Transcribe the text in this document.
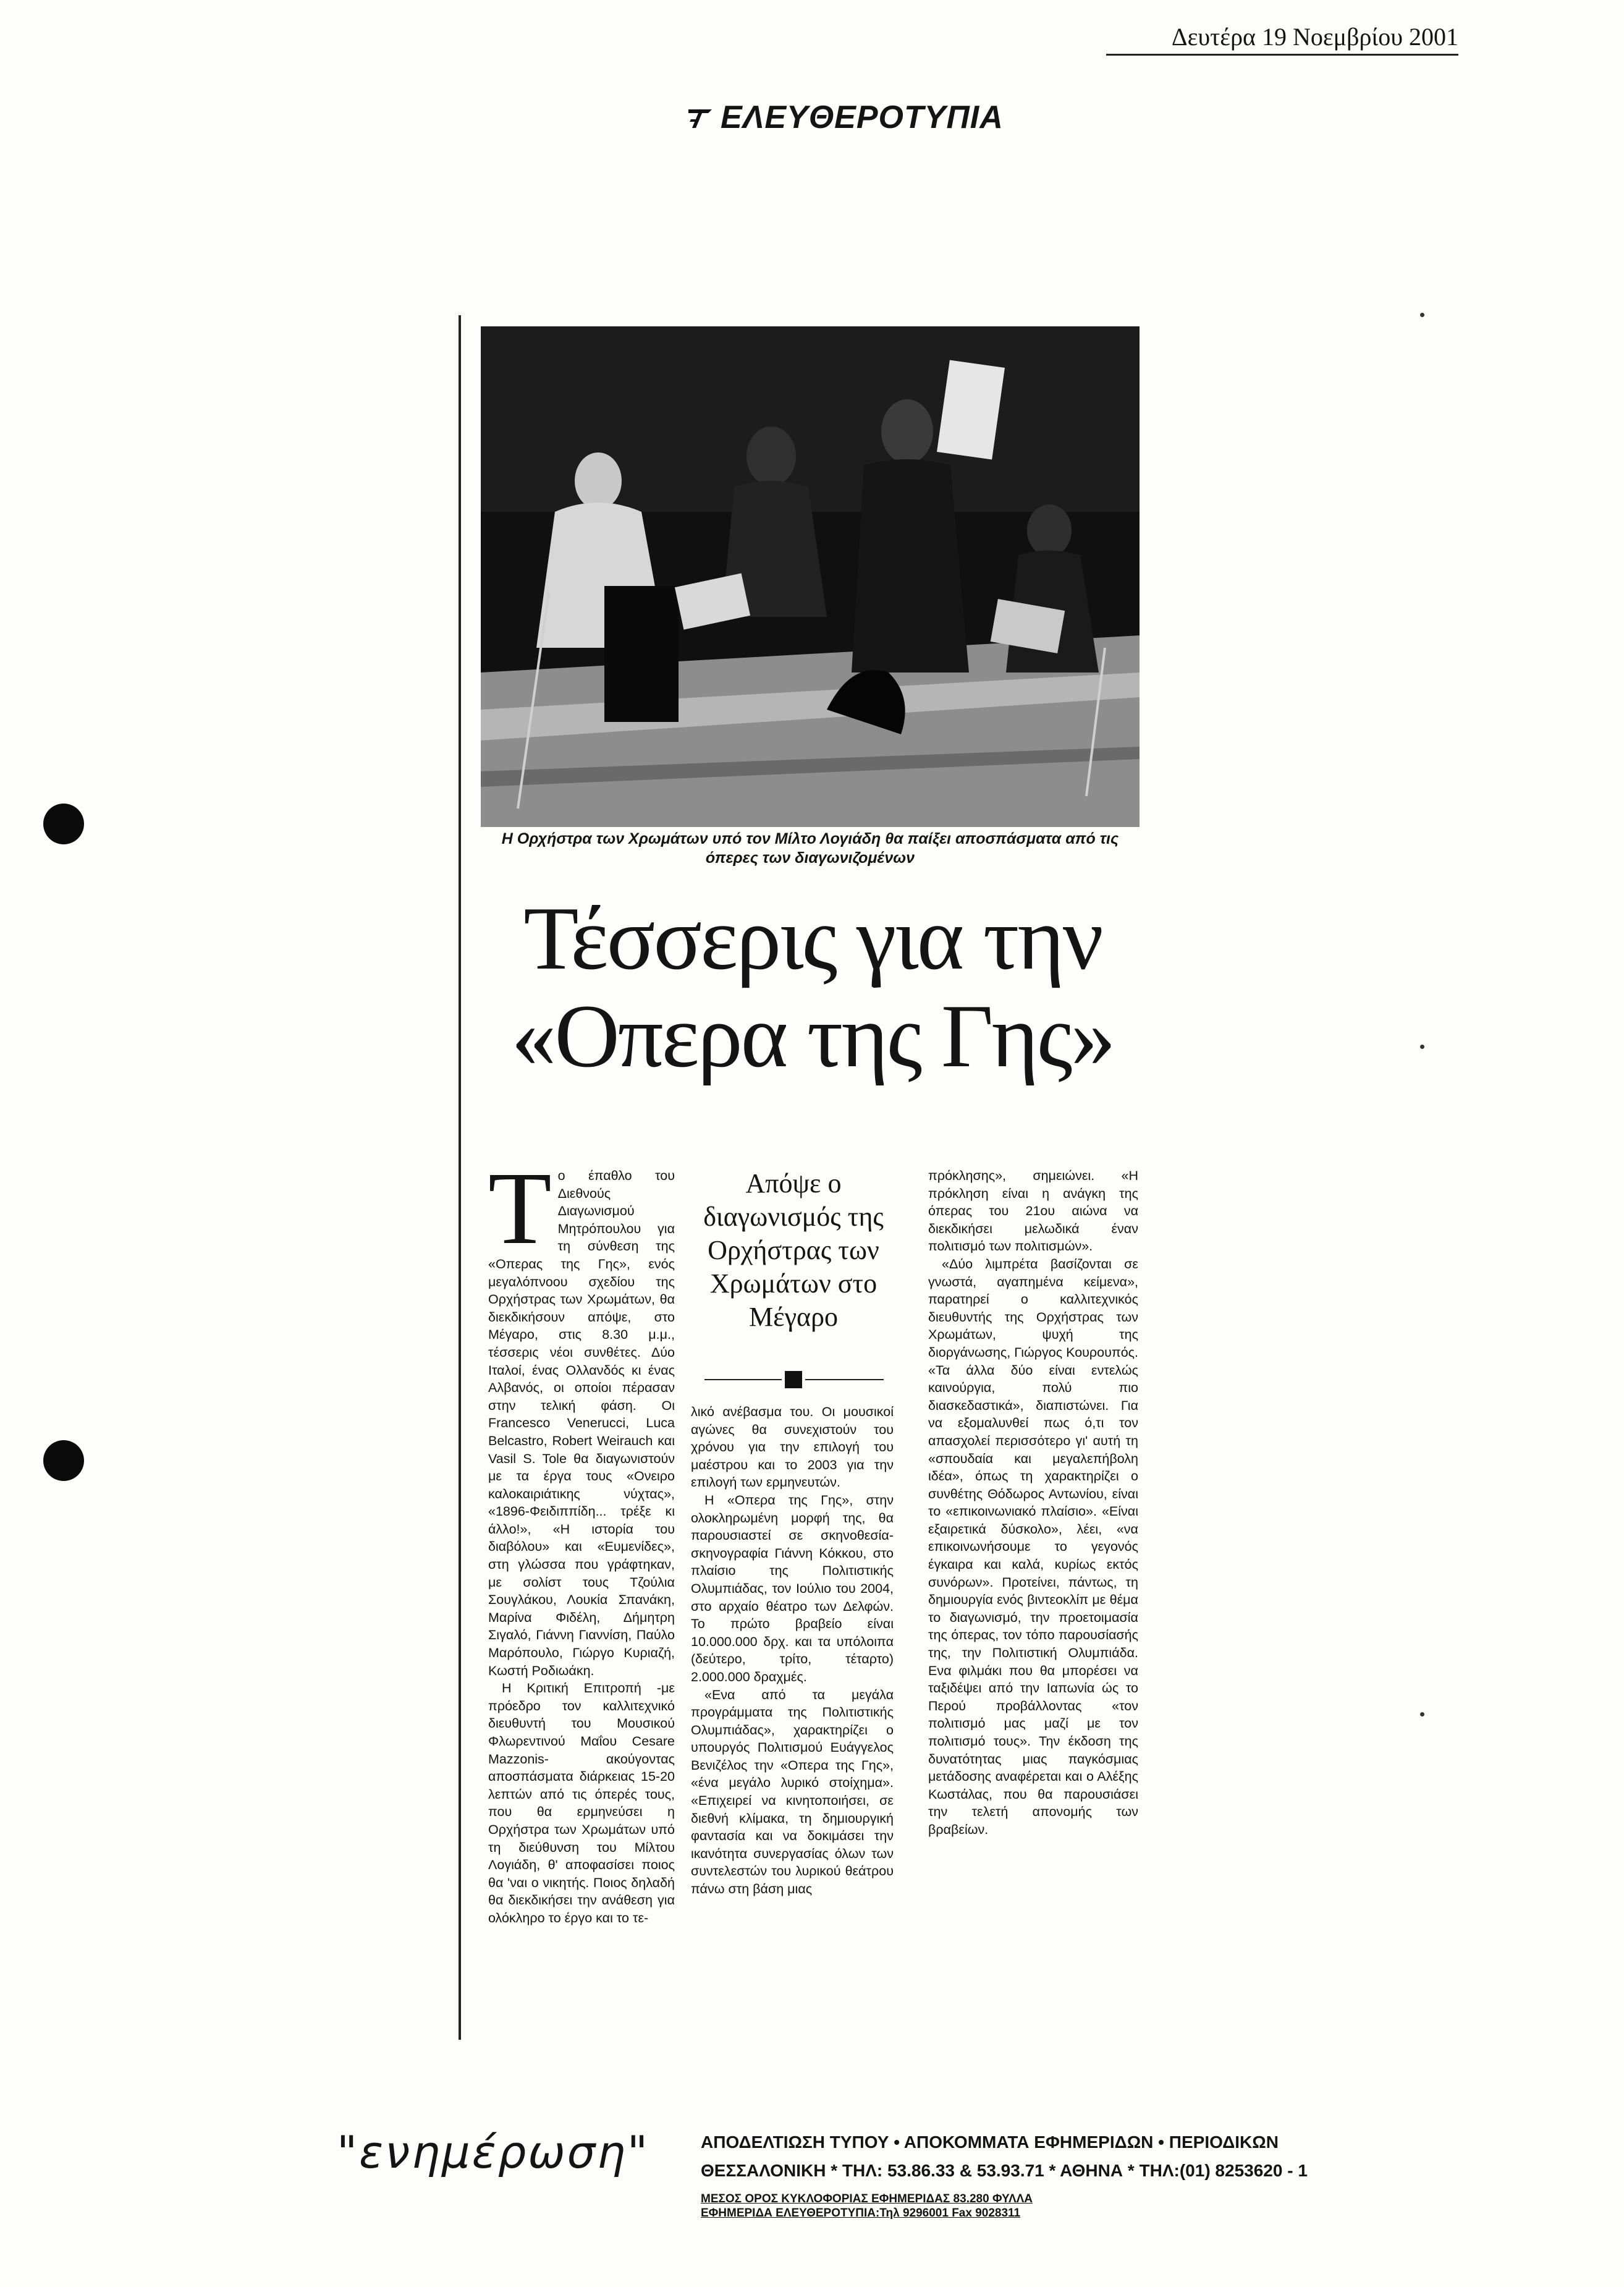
Δευτέρα 19 Νοεμβρίου 2001
ΕΛΕΥΘΕΡΟΤΥΠΙΑ
Η Ορχήστρα των Χρωμάτων υπό τον Μίλτο Λογιάδη θα παίξει αποσπάσματα από τις όπερες των διαγωνιζομένων
Τέσσερις για την
«Οπερα της Γης»
Τ ο έπαθλο του Διεθνούς Διαγωνισμού Μητρόπουλου για τη σύνθεση της «Οπερας της Γης», ενός μεγαλόπνοου σχεδίου της Ορχήστρας των Χρωμάτων, θα διεκδικήσουν απόψε, στο Μέγαρο, στις 8.30 μ.μ., τέσσερις νέοι συνθέτες. Δύο Ιταλοί, ένας Ολλανδός κι ένας Αλβανός, οι οποίοι πέρασαν στην τελική φάση. Οι Francesco Venerucci, Luca Belcastro, Robert Weirauch και Vasil S. Tole θα διαγωνιστούν με τα έργα τους «Ονειρο καλοκαιριάτικης νύχτας», «1896-Φειδιππίδη... τρέξε κι άλλο!», «Η ιστορία του διαβόλου» και «Ευμενίδες», στη γλώσσα που γράφτηκαν, με σολίστ τους Τζούλια Σουγλάκου, Λουκία Σπανάκη, Μαρίνα Φιδέλη, Δήμητρη Σιγαλό, Γιάννη Γιαννίση, Παύλο Μαρόπουλο, Γιώργο Κυριαζή, Κωστή Ροδιωάκη.

Η Κριτική Επιτροπή -με πρόεδρο τον καλλιτεχνικό διευθυντή του Μουσικού Φλωρεντινού Μαΐου Cesare Mazzonis- ακούγοντας αποσπάσματα διάρκειας 15-20 λεπτών από τις όπερές τους, που θα ερμηνεύσει η Ορχήστρα των Χρωμάτων υπό τη διεύθυνση του Μίλτου Λογιάδη, θ' αποφασίσει ποιος θα 'ναι ο νικητής. Ποιος δηλαδή θα διεκδικήσει την ανάθεση για ολόκληρο το έργο και το τε-

Απόψε ο διαγωνισμός της Ορχήστρας των Χρωμάτων στο Μέγαρο

λικό ανέβασμα του. Οι μουσικοί αγώνες θα συνεχιστούν του χρόνου για την επιλογή του μαέστρου και το 2003 για την επιλογή των ερμηνευτών.

Η «Οπερα της Γης», στην ολοκληρωμένη μορφή της, θα παρουσιαστεί σε σκηνοθεσία-σκηνογραφία Γιάννη Κόκκου, στο πλαίσιο της Πολιτιστικής Ολυμπιάδας, τον Ιούλιο του 2004, στο αρχαίο θέατρο των Δελφών. Το πρώτο βραβείο είναι 10.000.000 δρχ. και τα υπόλοιπα (δεύτερο, τρίτο, τέταρτο) 2.000.000 δραχμές.

«Ενα από τα μεγάλα προγράμματα της Πολιτιστικής Ολυμπιάδας», χαρακτηρίζει ο υπουργός Πολιτισμού Ευάγγελος Βενιζέλος την «Οπερα της Γης», «ένα μεγάλο λυρικό στοίχημα». «Επιχειρεί να κινητοποιήσει, σε διεθνή κλίμακα, τη δημιουργική φαντασία και να δοκιμάσει την ικανότητα συνεργασίας όλων των συντελεστών του λυρικού θεάτρου πάνω στη βάση μιας

πρόκλησης», σημειώνει. «Η πρόκληση είναι η ανάγκη της όπερας του 21ου αιώνα να διεκδικήσει μελωδικά έναν πολιτισμό των πολιτισμών».

«Δύο λιμπρέτα βασίζονται σε γνωστά, αγαπημένα κείμενα», παρατηρεί ο καλλιτεχνικός διευθυντής της Ορχήστρας των Χρωμάτων, ψυχή της διοργάνωσης, Γιώργος Κουρουπός. «Τα άλλα δύο είναι εντελώς καινούργια, πολύ πιο διασκεδαστικά», διαπιστώνει. Για να εξομαλυνθεί πως ό,τι τον απασχολεί περισσότερο γι' αυτή τη «σπουδαία και μεγαλεπήβολη ιδέα», όπως τη χαρακτηρίζει ο συνθέτης Θόδωρος Αντωνίου, είναι το «επικοινωνιακό πλαίσιο». «Είναι εξαιρετικά δύσκολο», λέει, «να επικοινωνήσουμε το γεγονός έγκαιρα και καλά, κυρίως εκτός συνόρων». Προτείνει, πάντως, τη δημιουργία ενός βιντεοκλίπ με θέμα το διαγωνισμό, την προετοιμασία της όπερας, τον τόπο παρουσίασής της, την Πολιτιστική Ολυμπιάδα. Ενα φιλμάκι που θα μπορέσει να ταξιδέψει από την Ιαπωνία ώς το Περού προβάλλοντας «τον πολιτισμό μας μαζί με τον πολιτισμό τους». Την έκδοση της δυνατότητας μιας παγκόσμιας μετάδοσης αναφέρεται και ο Αλέξης Κωστάλας, που θα παρουσιάσει την τελετή απονομής των βραβείων.

"ενημέρωση"	ΑΠΟΔΕΛΤΙΩΣΗ ΤΥΠΟΥ • ΑΠΟΚΟΜΜΑΤΑ ΕΦΗΜΕΡΙΔΩΝ • ΠΕΡΙΟΔΙΚΩΝ
ΘΕΣΣΑΛΟΝΙΚΗ * ΤΗΛ: 53.86.33 & 53.93.71 * ΑΘΗΝΑ * ΤΗΛ:(01) 8253620 - 1
ΜΕΣΟΣ ΟΡΟΣ ΚΥΚΛΟΦΟΡΙΑΣ ΕΦΗΜΕΡΙΔΑΣ 83.280 ΦΥΛΛΑ
ΕΦΗΜΕΡΙΔΑ ΕΛΕΥΘΕΡΟΤΥΠΙΑ:Τηλ 9296001 Fax 9028311
